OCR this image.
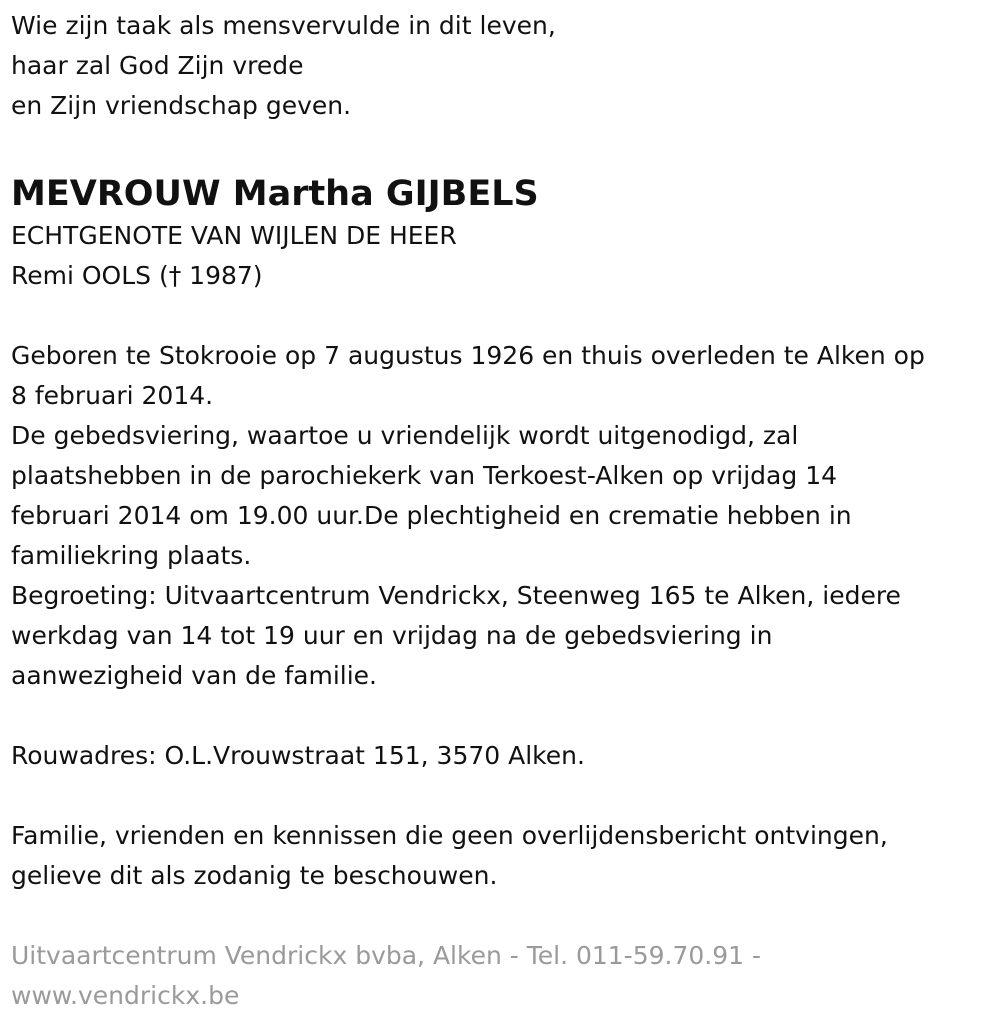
Wie zijn taak als mensvervulde in dit leven,
haar zal God Zijn vrede
en Zijn vriendschap geven.
MEVROUW Martha GIJBELS
ECHTGENOTE VAN WIJLEN DE HEER
Remi OOLS († 1987)
Geboren te Stokrooie op 7 augustus 1926 en thuis overleden te Alken op
8 februari 2014.
De gebedsviering, waartoe u vriendelijk wordt uitgenodigd, zal
plaatshebben in de parochiekerk van Terkoest-Alken op vrijdag 14
februari 2014 om 19.00 uur.De plechtigheid en crematie hebben in
familiekring plaats.
Begroeting: Uitvaartcentrum Vendrickx, Steenweg 165 te Alken, iedere
werkdag van 14 tot 19 uur en vrijdag na de gebedsviering in
aanwezigheid van de familie.
Rouwadres: O.L.Vrouwstraat 151, 3570 Alken.
Familie, vrienden en kennissen die geen overlijdensbericht ontvingen,
gelieve dit als zodanig te beschouwen.
Uitvaartcentrum Vendrickx bvba, Alken - Tel. 011-59.70.91 -
www.vendrickx.be
